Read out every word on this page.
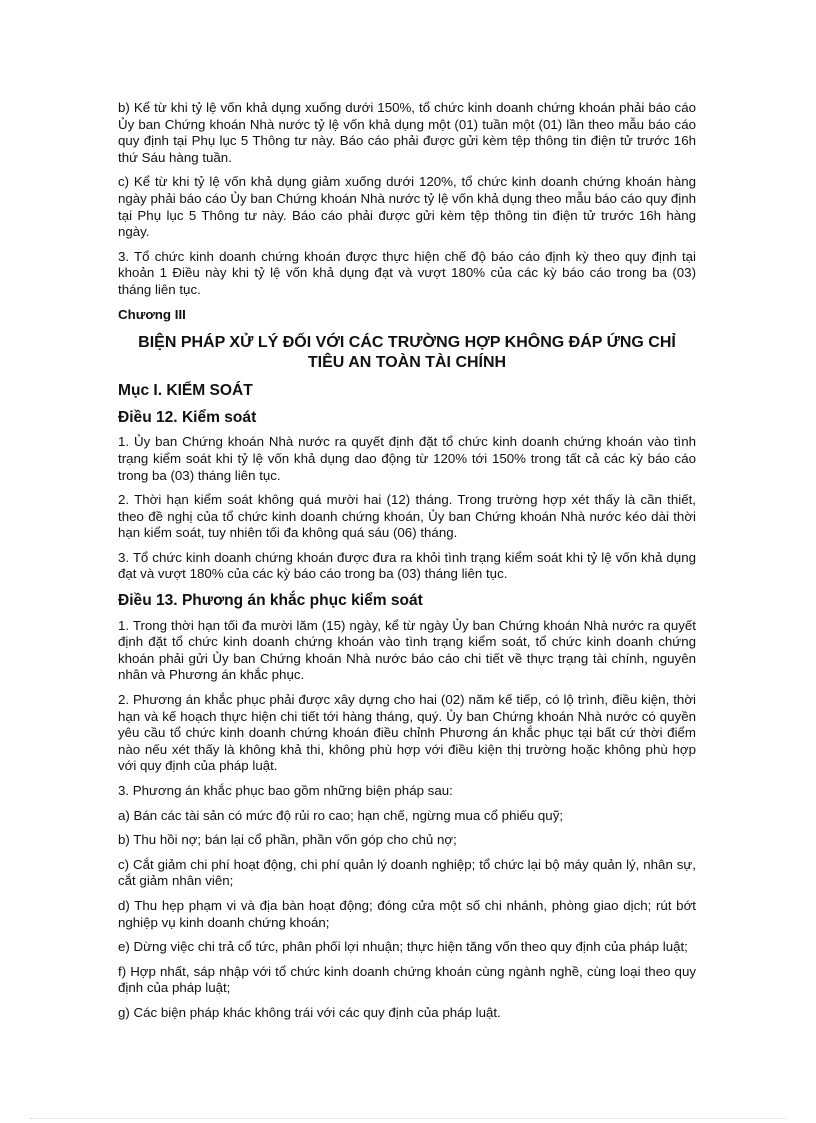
b) Kể từ khi tỷ lệ vốn khả dụng xuống dưới 150%, tổ chức kinh doanh chứng khoán phải báo cáo Ủy ban Chứng khoán Nhà nước tỷ lệ vốn khả dụng một (01) tuần một (01) lần theo mẫu báo cáo quy định tại Phụ lục 5 Thông tư này. Báo cáo phải được gửi kèm tệp thông tin điện tử trước 16h thứ Sáu hàng tuần.

c) Kể từ khi tỷ lệ vốn khả dụng giảm xuống dưới 120%, tổ chức kinh doanh chứng khoán hàng ngày phải báo cáo Ủy ban Chứng khoán Nhà nước tỷ lệ vốn khả dụng theo mẫu báo cáo quy định tại Phụ lục 5 Thông tư này. Báo cáo phải được gửi kèm tệp thông tin điện tử trước 16h hàng ngày.

3. Tổ chức kinh doanh chứng khoán được thực hiện chế độ báo cáo định kỳ theo quy định tại khoản 1 Điều này khi tỷ lệ vốn khả dụng đạt và vượt 180% của các kỳ báo cáo trong ba (03) tháng liên tục.

Chương III

BIỆN PHÁP XỬ LÝ ĐỐI VỚI CÁC TRƯỜNG HỢP KHÔNG ĐÁP ỨNG CHỈ TIÊU AN TOÀN TÀI CHÍNH
Mục I. KIỂM SOÁT
Điều 12. Kiểm soát

1. Ủy ban Chứng khoán Nhà nước ra quyết định đặt tổ chức kinh doanh chứng khoán vào tình trạng kiểm soát khi tỷ lệ vốn khả dụng dao động từ 120% tới 150% trong tất cả các kỳ báo cáo trong ba (03) tháng liên tục.

2. Thời hạn kiểm soát không quá mười hai (12) tháng. Trong trường hợp xét thấy là cần thiết, theo đề nghị của tổ chức kinh doanh chứng khoán, Ủy ban Chứng khoán Nhà nước kéo dài thời hạn kiểm soát, tuy nhiên tối đa không quá sáu (06) tháng.

3. Tổ chức kinh doanh chứng khoán được đưa ra khỏi tình trạng kiểm soát khi tỷ lệ vốn khả dụng đạt và vượt 180% của các kỳ báo cáo trong ba (03) tháng liên tục.

Điều 13. Phương án khắc phục kiểm soát

1. Trong thời hạn tối đa mười lăm (15) ngày, kể từ ngày Ủy ban Chứng khoán Nhà nước ra quyết định đặt tổ chức kinh doanh chứng khoán vào tình trạng kiểm soát, tổ chức kinh doanh chứng khoán phải gửi Ủy ban Chứng khoán Nhà nước báo cáo chi tiết về thực trạng tài chính, nguyên nhân và Phương án khắc phục.

2. Phương án khắc phục phải được xây dựng cho hai (02) năm kế tiếp, có lộ trình, điều kiện, thời hạn và kế hoạch thực hiện chi tiết tới hàng tháng, quý. Ủy ban Chứng khoán Nhà nước có quyền yêu cầu tổ chức kinh doanh chứng khoán điều chỉnh Phương án khắc phục tại bất cứ thời điểm nào nếu xét thấy là không khả thi, không phù hợp với điều kiện thị trường hoặc không phù hợp với quy định của pháp luật.

3. Phương án khắc phục bao gồm những biện pháp sau:

a) Bán các tài sản có mức độ rủi ro cao; hạn chế, ngừng mua cổ phiếu quỹ;

b) Thu hồi nợ; bán lại cổ phần, phần vốn góp cho chủ nợ;

c) Cắt giảm chi phí hoạt động, chi phí quản lý doanh nghiệp; tổ chức lại bộ máy quản lý, nhân sự, cắt giảm nhân viên;

d) Thu hẹp phạm vi và địa bàn hoạt động; đóng cửa một số chi nhánh, phòng giao dịch; rút bớt nghiệp vụ kinh doanh chứng khoán;

e) Dừng việc chi trả cổ tức, phân phối lợi nhuận; thực hiện tăng vốn theo quy định của pháp luật;

f) Hợp nhất, sáp nhập với tổ chức kinh doanh chứng khoán cùng ngành nghề, cùng loại theo quy định của pháp luật;

g) Các biện pháp khác không trái với các quy định của pháp luật.
